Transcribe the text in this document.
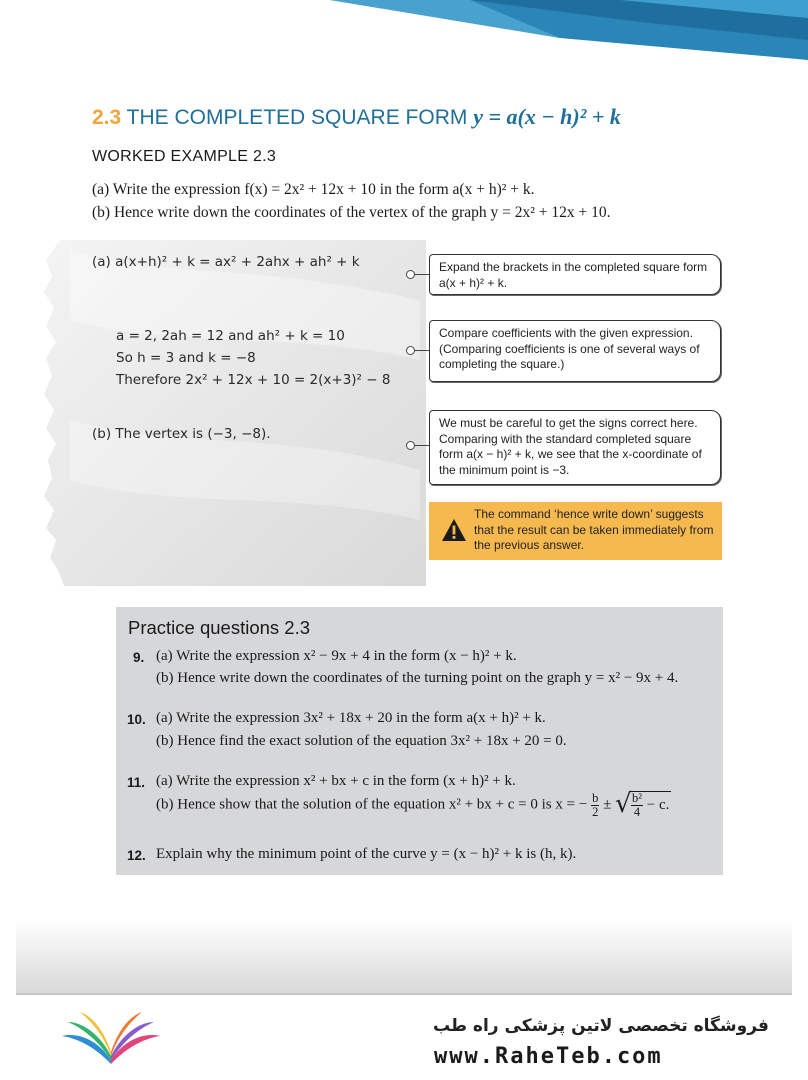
2.3 THE COMPLETED SQUARE FORM y = a(x − h)² + k
WORKED EXAMPLE 2.3
(a) Write the expression f(x) = 2x² + 12x + 10 in the form a(x + h)² + k.
(b) Hence write down the coordinates of the vertex of the graph y = 2x² + 12x + 10.
(a) a(x+h)² + k = ax² + 2ahx + ah² + k
a = 2, 2ah = 12 and ah² + k = 10
So h = 3 and k = −8
Therefore 2x² + 12x + 10 = 2(x+3)² − 8
(b) The vertex is (−3, −8).
Expand the brackets in the completed square form a(x + h)² + k.
Compare coefficients with the given expression.
(Comparing coefficients is one of several ways of completing the square.)
We must be careful to get the signs correct here. Comparing with the standard completed square form a(x − h)² + k, we see that the x-coordinate of the minimum point is −3.
The command ‘hence write down’ suggests that the result can be taken immediately from the previous answer.
Practice questions 2.3
9. (a) Write the expression x² − 9x + 4 in the form (x − h)² + k.
(b) Hence write down the coordinates of the turning point on the graph y = x² − 9x + 4.
10. (a) Write the expression 3x² + 18x + 20 in the form a(x + h)² + k.
(b) Hence find the exact solution of the equation 3x² + 18x + 20 = 0.
11. (a) Write the expression x² + bx + c in the form (x + h)² + k.
(b) Hence show that the solution of the equation x² + bx + c = 0 is x = − $\frac{b}{2}$ ± √ $\frac{\text{b²}}{4} - c$.
12. Explain why the minimum point of the curve y = (x − h)² + k is (h, k).
فروشگاه تخصصی لاتین پزشکی راه طب
www.RaheTeb.com
